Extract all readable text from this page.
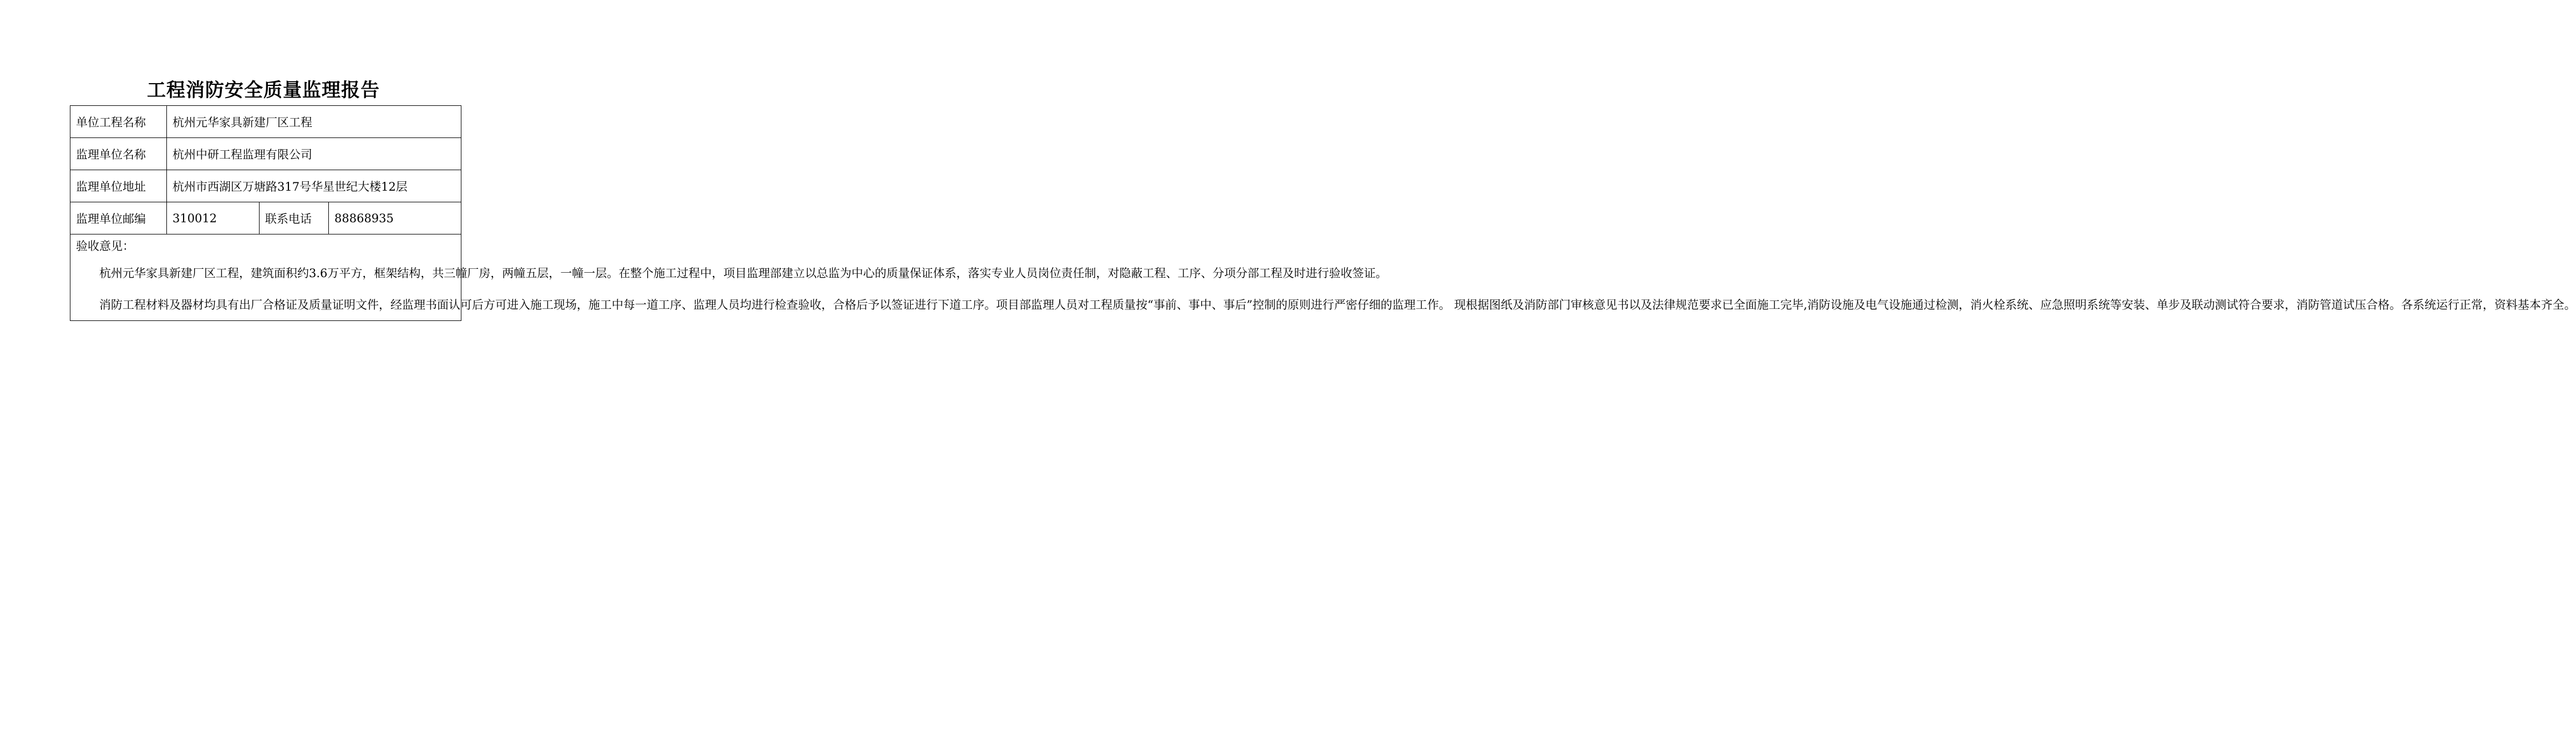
工程消防安全质量监理报告
单位工程名称	杭州元华家具新建厂区工程		
监理单位名称	杭州中研工程监理有限公司		
监理单位地址	杭州市西湖区万塘路317号华星世纪大楼12层		
监理单位邮编	310012	联系电话	88868935

验收意见：

杭州元华家具新建厂区工程，建筑面积约3.6万平方，框架结构，共三幢厂房，两幢五层，一幢一层。在整个施工过程中，项目监理部建立以总监为中心的质量保证体系，落实专业人员岗位责任制，对隐蔽工程、工序、分项分部工程及时进行验收签证。

消防工程材料及器材均具有出厂合格证及质量证明文件，经监理书面认可后方可进入施工现场，施工中每一道工序、监理人员均进行检查验收，合格后予以签证进行下道工序。项目部监理人员对工程质量按“事前、事中、事后”控制的原则进行严密仔细的监理工作。 现根据图纸及消防部门审核意见书以及法律规范要求已全面施工完毕,消防设施及电气设施通过检测，消火栓系统、应急照明系统等安装、单步及联动测试符合要求，消防管道试压合格。各系统运行正常，资料基本齐全。			
